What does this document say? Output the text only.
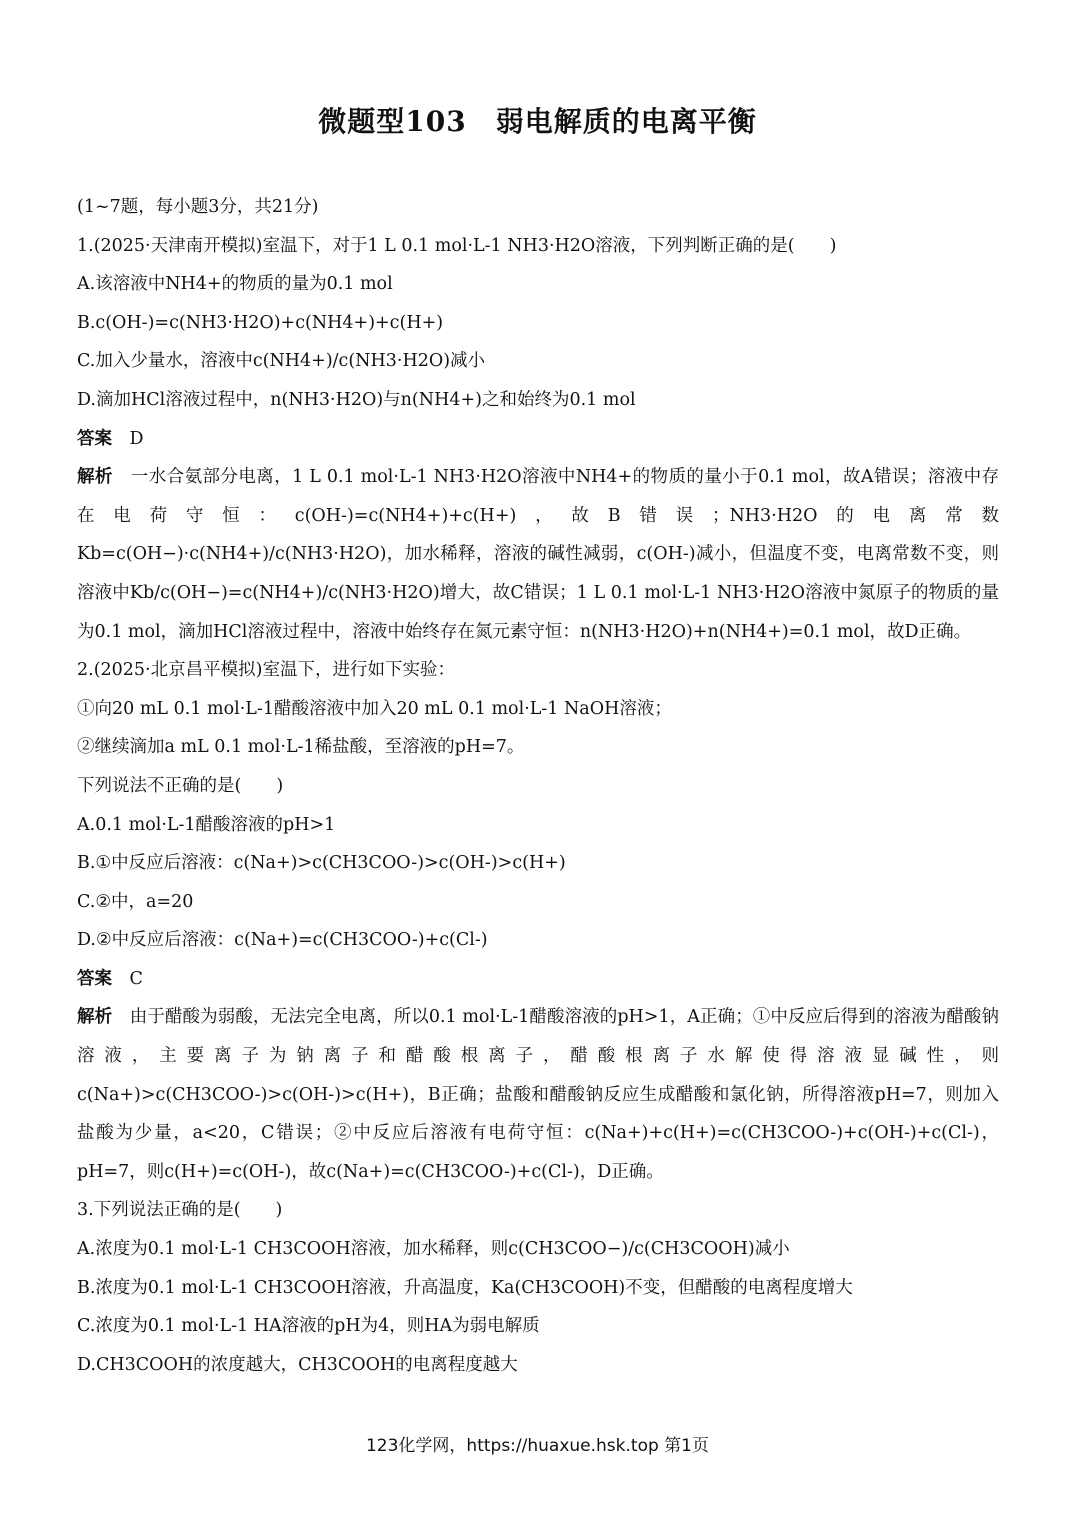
微题型103　弱电解质的电离平衡
(1~7题，每小题3分，共21分)
1.(2025·天津南开模拟)室温下，对于1 L 0.1 mol·L-1 NH3·H2O溶液，下列判断正确的是(　　)
A.该溶液中NH4+的物质的量为0.1 mol
B.c(OH-)=c(NH3·H2O)+c(NH4+)+c(H+)
C.加入少量水，溶液中c(NH4+)/c(NH3·H2O)减小
D.滴加HCl溶液过程中，n(NH3·H2O)与n(NH4+)之和始终为0.1 mol
答案　 D
解析　 一水合氨部分电离，1 L 0.1 mol·L-1 NH3·H2O溶液中NH4+的物质的量小于0.1 mol，故A错误；溶液中存在电荷守恒：c(OH-)=c(NH4+)+c(H+)，故B错误；NH3·H2O的电离常数Kb=c(OH−)·c(NH4+)/c(NH3·H2O)，加水稀释，溶液的碱性减弱，c(OH-)减小，但温度不变，电离常数不变，则溶液中Kb/c(OH−)=c(NH4+)/c(NH3·H2O)增大，故C错误；1 L 0.1 mol·L-1 NH3·H2O溶液中氮原子的物质的量为0.1 mol，滴加HCl溶液过程中，溶液中始终存在氮元素守恒：n(NH3·H2O)+n(NH4+)=0.1 mol，故D正确。
2.(2025·北京昌平模拟)室温下，进行如下实验：
①向20 mL 0.1 mol·L-1醋酸溶液中加入20 mL 0.1 mol·L-1 NaOH溶液；
②继续滴加a mL 0.1 mol·L-1稀盐酸，至溶液的pH=7。
下列说法不正确的是(　　)
A.0.1 mol·L-1醋酸溶液的pH>1
B.①中反应后溶液：c(Na+)>c(CH3COO-)>c(OH-)>c(H+)
C.②中，a=20
D.②中反应后溶液：c(Na+)=c(CH3COO-)+c(Cl-)
答案　 C
解析　 由于醋酸为弱酸，无法完全电离，所以0.1 mol·L-1醋酸溶液的pH>1，A正确；①中反应后得到的溶液为醋酸钠溶液，主要离子为钠离子和醋酸根离子，醋酸根离子水解使得溶液显碱性，则c(Na+)>c(CH3COO-)>c(OH-)>c(H+)，B正确；盐酸和醋酸钠反应生成醋酸和氯化钠，所得溶液pH=7，则加入盐酸为少量，a<20，C错误；②中反应后溶液有电荷守恒：c(Na+)+c(H+)=c(CH3COO-)+c(OH-)+c(Cl-)，pH=7，则c(H+)=c(OH-)，故c(Na+)=c(CH3COO-)+c(Cl-)，D正确。
3.下列说法正确的是(　　)
A.浓度为0.1 mol·L-1 CH3COOH溶液，加水稀释，则c(CH3COO−)/c(CH3COOH)减小
B.浓度为0.1 mol·L-1 CH3COOH溶液，升高温度，Ka(CH3COOH)不变，但醋酸的电离程度增大
C.浓度为0.1 mol·L-1 HA溶液的pH为4，则HA为弱电解质
D.CH3COOH的浓度越大，CH3COOH的电离程度越大
123化学网，https://huaxue.hsk.top 第1页
